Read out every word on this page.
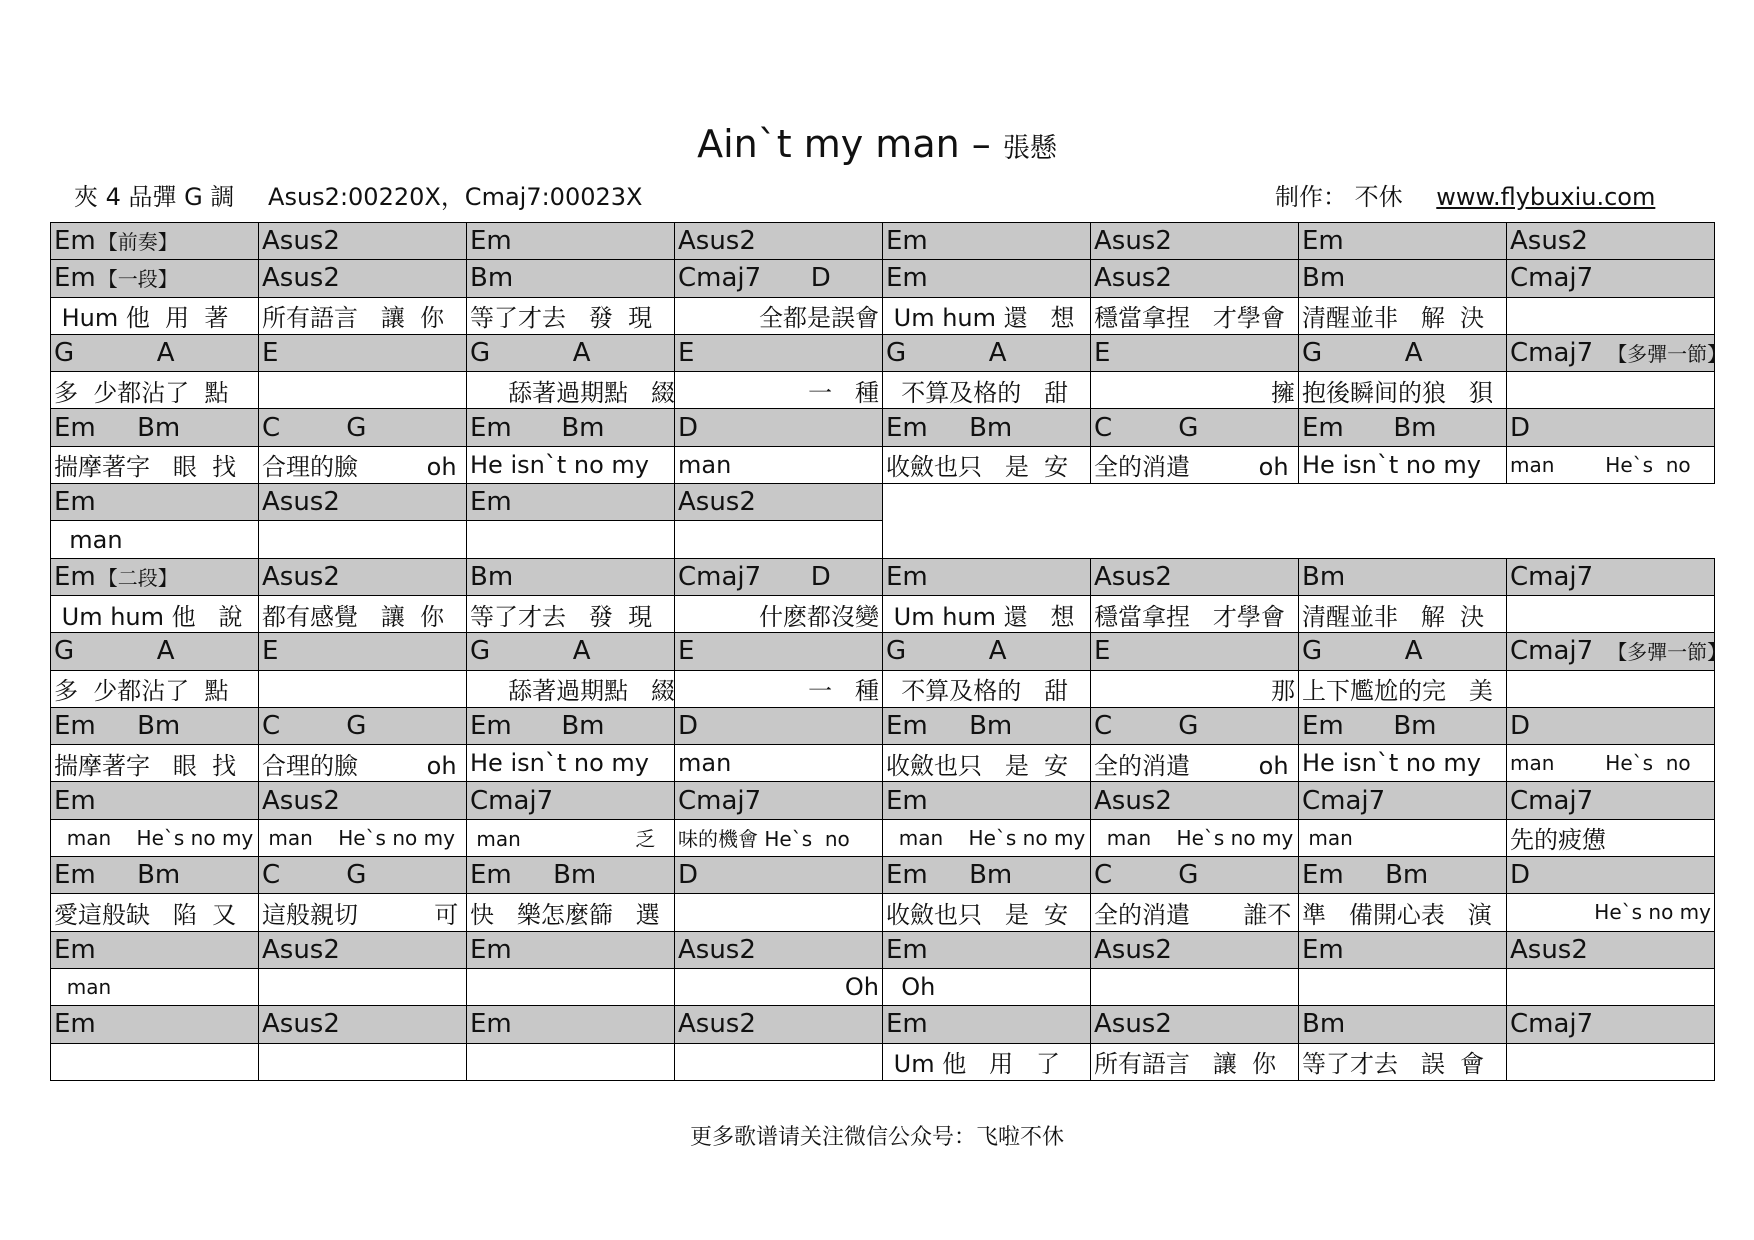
Ain`t my man – 張懸
夾 4 品彈 G 調 Asus2:00220X，Cmaj7:00023X	制作： 不休 www.flybuxiu.com
Em 【前奏】	Asus2	Em	Asus2	Em	Asus2	Em	Asus2
Em 【一段】	Asus2	Bm	Cmaj7      D	Em	Asus2	Bm	Cmaj7
Hum 他  用  著	所有語言   讓  你	等了才去   發  現	全都是誤會	Um hum 還   想	穩當拿捏   才學會	清醒並非   解  決	
G          A	E	G          A	E	G          A	E	G          A	Cmaj7 【多彈一節】
多  少都沾了  點		舔著過期點   綴	一   種	不算及格的   甜	擁	抱後瞬间的狼   狽	
Em     Bm	C        G	Em      Bm	D	Em     Bm	C        G	Em      Bm	D
揣摩著字   眼  找	合理的臉         oh	He isn`t no my	man	收斂也只   是  安	全的消遣         oh	He isn`t no my	man        He`s  no
Em	Asus2	Em	Asus2				
man							
Em 【二段】	Asus2	Bm	Cmaj7      D	Em	Asus2	Bm	Cmaj7
Um hum 他   說	都有感覺   讓  你	等了才去   發  現	什麽都沒變	Um hum 還   想	穩當拿捏   才學會	清醒並非   解  決	
G          A	E	G          A	E	G          A	E	G          A	Cmaj7 【多彈一節】
多  少都沾了  點		舔著過期點   綴	一   種	不算及格的   甜	那	上下尷尬的完   美	
Em     Bm	C        G	Em      Bm	D	Em     Bm	C        G	Em      Bm	D
揣摩著字   眼  找	合理的臉         oh	He isn`t no my	man	收斂也只   是  安	全的消遣         oh	He isn`t no my	man        He`s  no
Em	Asus2	Cmaj7	Cmaj7	Em	Asus2	Cmaj7	Cmaj7
man    He`s no my	man    He`s no my	man                  乏	味的機會 He`s  no	man    He`s no my	man    He`s no my	man	先的疲憊
Em     Bm	C        G	Em     Bm	D	Em     Bm	C        G	Em     Bm	D
愛這般缺   陷  又	這般親切          可	快   樂怎麼篩   選		收斂也只   是  安	全的消遣       誰不	準   備開心表   演	He`s no my
Em	Asus2	Em	Asus2	Em	Asus2	Em	Asus2
man			Oh	Oh			
Em	Asus2	Em	Asus2	Em	Asus2	Bm	Cmaj7
				Um 他   用   了	所有語言   讓  你	等了才去   誤  會	
更多歌谱请关注微信公众号：飞啦不休
